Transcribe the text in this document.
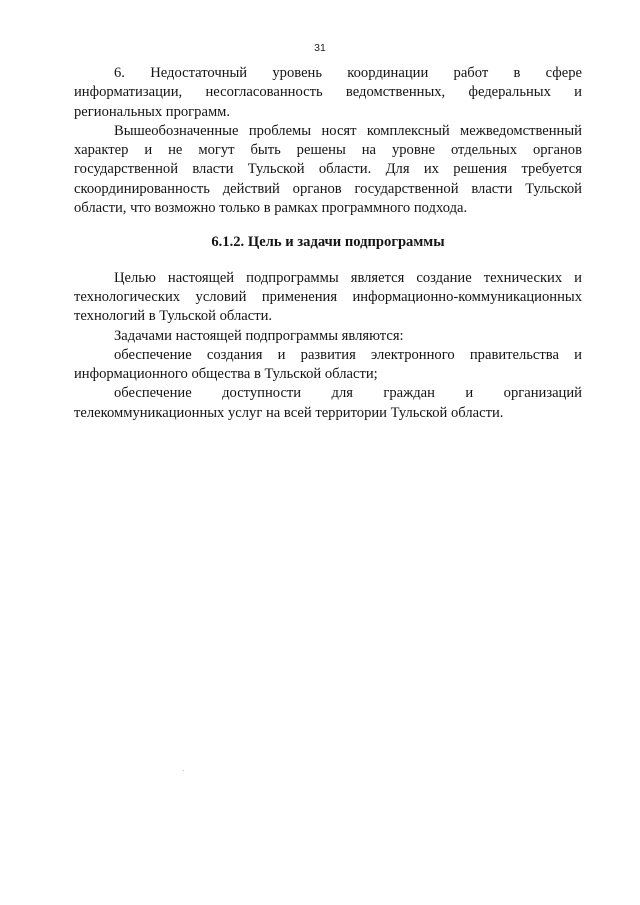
31
6. Недостаточный уровень координации работ в сфере
информатизации, несогласованность ведомственных, федеральных и
региональных программ.
Вышеобозначенные проблемы носят комплексный межведомственный
характер и не могут быть решены на уровне отдельных органов
государственной власти Тульской области. Для их решения требуется
скоординированность действий органов государственной власти Тульской
области, что возможно только в рамках программного подхода.
6.1.2. Цель и задачи подпрограммы
Целью настоящей подпрограммы является создание технических и
технологических условий применения информационно-коммуникационных
технологий в Тульской области.
Задачами настоящей подпрограммы являются:
обеспечение создания и развития электронного правительства и
информационного общества в Тульской области;
обеспечение доступности для граждан и организаций
телекоммуникационных услуг на всей территории Тульской области.
